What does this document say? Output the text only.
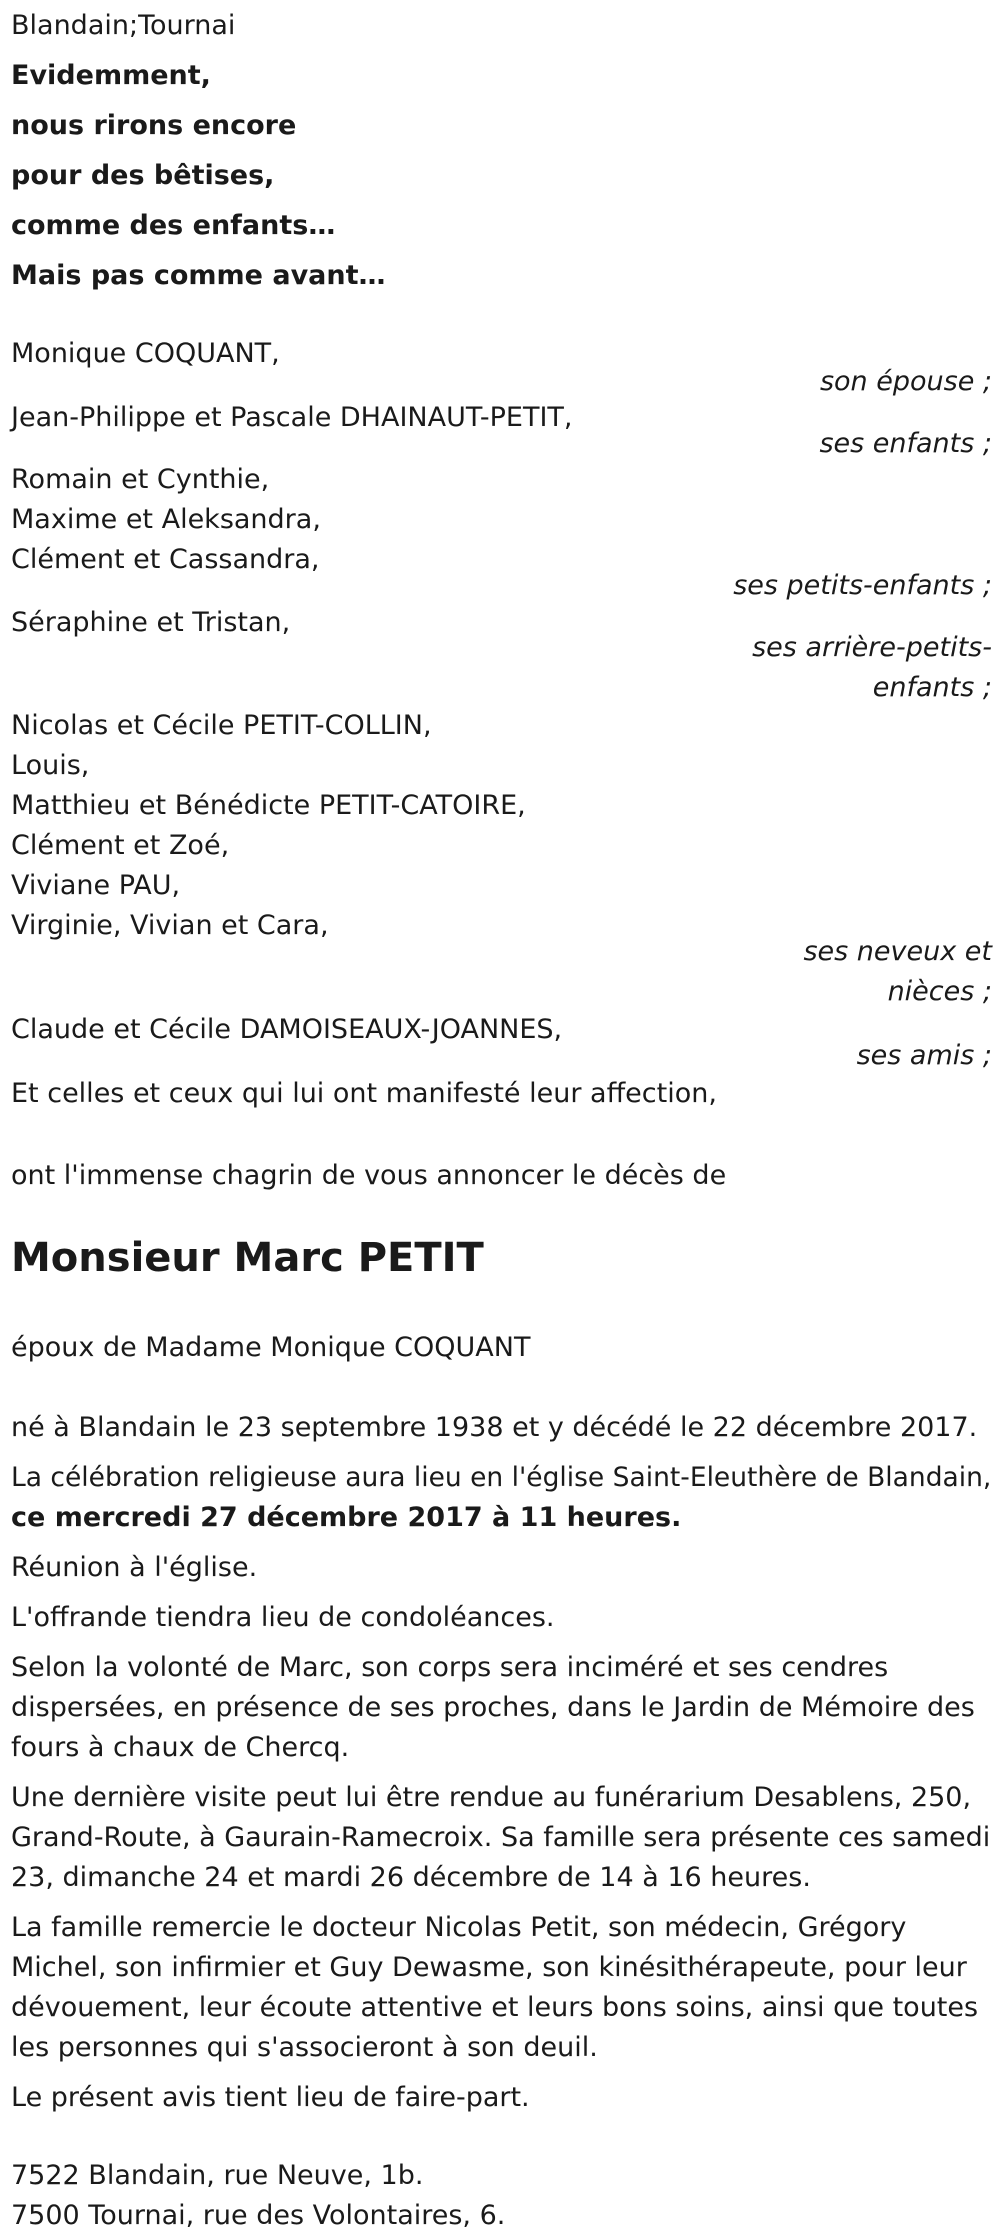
Blandain;Tournai
Evidemment,
nous rirons encore
pour des bêtises,
comme des enfants…
Mais pas comme avant…
Monique COQUANT,
son épouse ;
Jean-Philippe et Pascale DHAINAUT-PETIT,
ses enfants ;
Romain et Cynthie,
Maxime et Aleksandra,
Clément et Cassandra,
ses petits-enfants ;
Séraphine et Tristan,
ses arrière-petits-
enfants ;
Nicolas et Cécile PETIT-COLLIN,
Louis,
Matthieu et Bénédicte PETIT-CATOIRE,
Clément et Zoé,
Viviane PAU,
Virginie, Vivian et Cara,
ses neveux et
nièces ;
Claude et Cécile DAMOISEAUX-JOANNES,
ses amis ;
Et celles et ceux qui lui ont manifesté leur affection,
ont l'immense chagrin de vous annoncer le décès de
Monsieur Marc PETIT
époux de Madame Monique COQUANT
né à Blandain le 23 septembre 1938 et y décédé le 22 décembre 2017.
La célébration religieuse aura lieu en l'église Saint-Eleuthère de Blandain,
ce mercredi 27 décembre 2017 à 11 heures.
Réunion à l'église.
L'offrande tiendra lieu de condoléances.
Selon la volonté de Marc, son corps sera inciméré et ses cendres
dispersées, en présence de ses proches, dans le Jardin de Mémoire des
fours à chaux de Chercq.
Une dernière visite peut lui être rendue au funérarium Desablens, 250,
Grand-Route, à Gaurain-Ramecroix. Sa famille sera présente ces samedi
23, dimanche 24 et mardi 26 décembre de 14 à 16 heures.
La famille remercie le docteur Nicolas Petit, son médecin, Grégory
Michel, son infirmier et Guy Dewasme, son kinésithérapeute, pour leur
dévouement, leur écoute attentive et leurs bons soins, ainsi que toutes
les personnes qui s'associeront à son deuil.
Le présent avis tient lieu de faire-part.
7522 Blandain, rue Neuve, 1b.
7500 Tournai, rue des Volontaires, 6.
